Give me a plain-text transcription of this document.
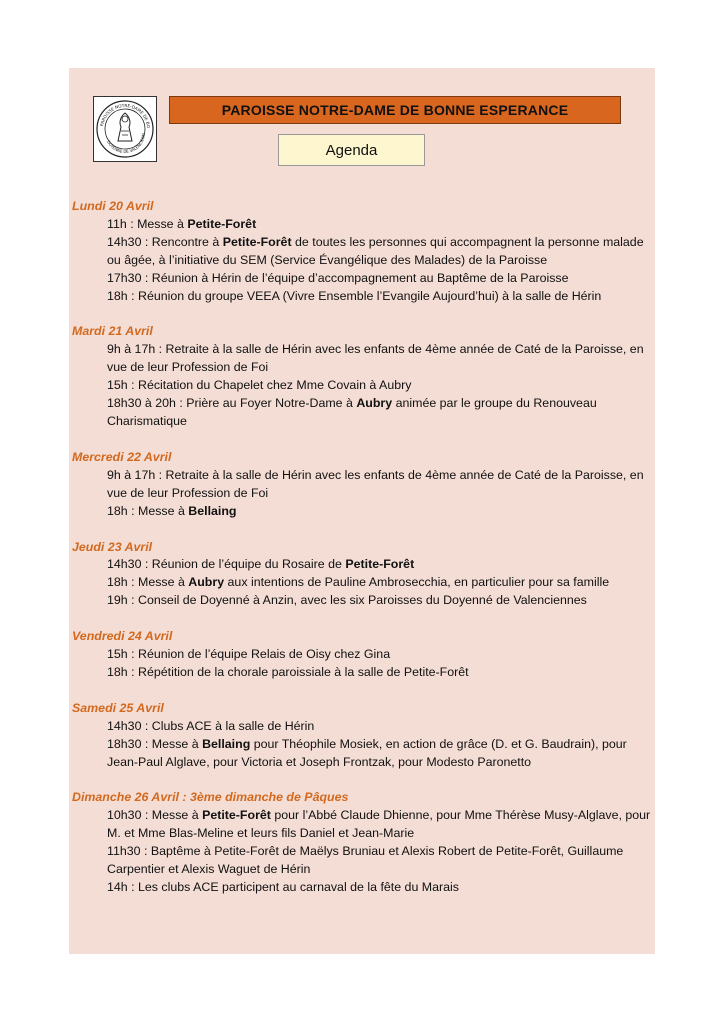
PAROISSE NOTRE-DAME DE BO
DOYENNÉ DE VALENCIENN
PAROISSE NOTRE-DAME DE BONNE ESPERANCE
Agenda
Lundi 20 Avril
11h : Messe à Petite-Forêt
14h30 : Rencontre à Petite-Forêt de toutes les personnes qui accompagnent la personne malade ou âgée, à l’initiative du SEM (Service Évangélique des Malades) de la Paroisse
17h30 : Réunion à Hérin de l’équipe d’accompagnement au Baptême de la Paroisse
18h : Réunion du groupe VEEA (Vivre Ensemble l’Evangile Aujourd’hui) à la salle de Hérin
Mardi 21 Avril
9h à 17h : Retraite à la salle de Hérin avec les enfants de 4ème année de Caté de la Paroisse, en vue de leur Profession de Foi
15h : Récitation du Chapelet chez Mme Covain à Aubry
18h30 à 20h : Prière au Foyer Notre-Dame à Aubry animée par le groupe du Renouveau Charismatique
Mercredi 22 Avril
9h à 17h : Retraite à la salle de Hérin avec les enfants de 4ème année de Caté de la Paroisse, en vue de leur Profession de Foi
18h : Messe à Bellaing
Jeudi 23 Avril
14h30 : Réunion de l’équipe du Rosaire de Petite-Forêt
18h : Messe à Aubry aux intentions de Pauline Ambrosecchia, en particulier pour sa famille
19h : Conseil de Doyenné à Anzin, avec les six Paroisses du Doyenné de Valenciennes
Vendredi 24 Avril
15h : Réunion de l’équipe Relais de Oisy chez Gina
18h : Répétition de la chorale paroissiale à la salle de Petite-Forêt
Samedi 25 Avril
14h30 : Clubs ACE à la salle de Hérin
18h30 : Messe à Bellaing pour Théophile Mosiek, en action de grâce (D. et G. Baudrain), pour Jean-Paul Alglave, pour Victoria et Joseph Frontzak, pour Modesto Paronetto
Dimanche 26 Avril : 3ème dimanche de Pâques
10h30 : Messe à Petite-Forêt pour l’Abbé Claude Dhienne, pour Mme Thérèse Musy-Alglave, pour M. et Mme Blas-Meline et leurs fils Daniel et Jean-Marie
11h30 : Baptême à Petite-Forêt de Maëlys Bruniau et Alexis Robert de Petite-Forêt, Guillaume Carpentier et Alexis Waguet de Hérin
14h : Les clubs ACE participent au carnaval de la fête du Marais
